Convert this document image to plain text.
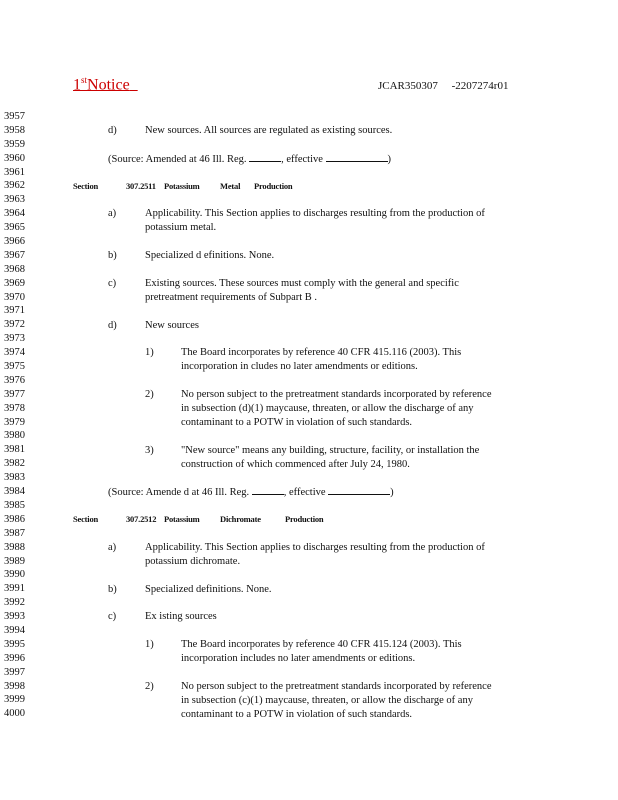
1stNotice	JCAR350307     -2207274r01
3957
3958
3959
3960
3961
3962
3963
3964
3965
3966
3967
3968
3969
3970
3971
3972
3973
3974
3975
3976
3977
3978
3979
3980
3981
3982
3983
3984
3985
3986
3987
3988
3989
3990
3991
3992
3993
3994
3995
3996
3997
3998
3999
4000
d)	New sources. All sources are regulated as existing sources.
(Source: Amended at 46 Ill. Reg.	, effective	)
Section	307.2511 Potassium Metal Production
a)	Applicability. This Section applies to discharges resulting from the production of
potassium metal.
b)	Specialized d efinitions. None.
c)	Existing sources. These sources must comply with the general and specific
pretreatment requirements of Subpart B .
d)	New sources
1)	The Board incorporates by reference 40 CFR 415.116 (2003). This
incorporation in cludes no later amendments or editions.
2)	No person subject to the pretreatment standards incorporated by reference
in subsection (d)(1) maycause, threaten, or allow the discharge of any
contaminant to a POTW in violation of such standards.
3)	"New source" means any building, structure, facility, or installation the
construction of which commenced after July 24, 1980.
(Source: Amende d at 46 Ill. Reg.	, effective	)
Section	307.2512 Potassium Dichromate	Production
a)	Applicability. This Section applies to discharges resulting from the production of
potassium dichromate.
b)	Specialized definitions. None.
c)	Ex isting sources
1)	The Board incorporates by reference 40 CFR 415.124 (2003). This
incorporation includes no later amendments or editions.
2)	No person subject to the pretreatment standards incorporated by reference
in subsection (c)(1) maycause, threaten, or allow the discharge of any
contaminant to a POTW in violation of such standards.
